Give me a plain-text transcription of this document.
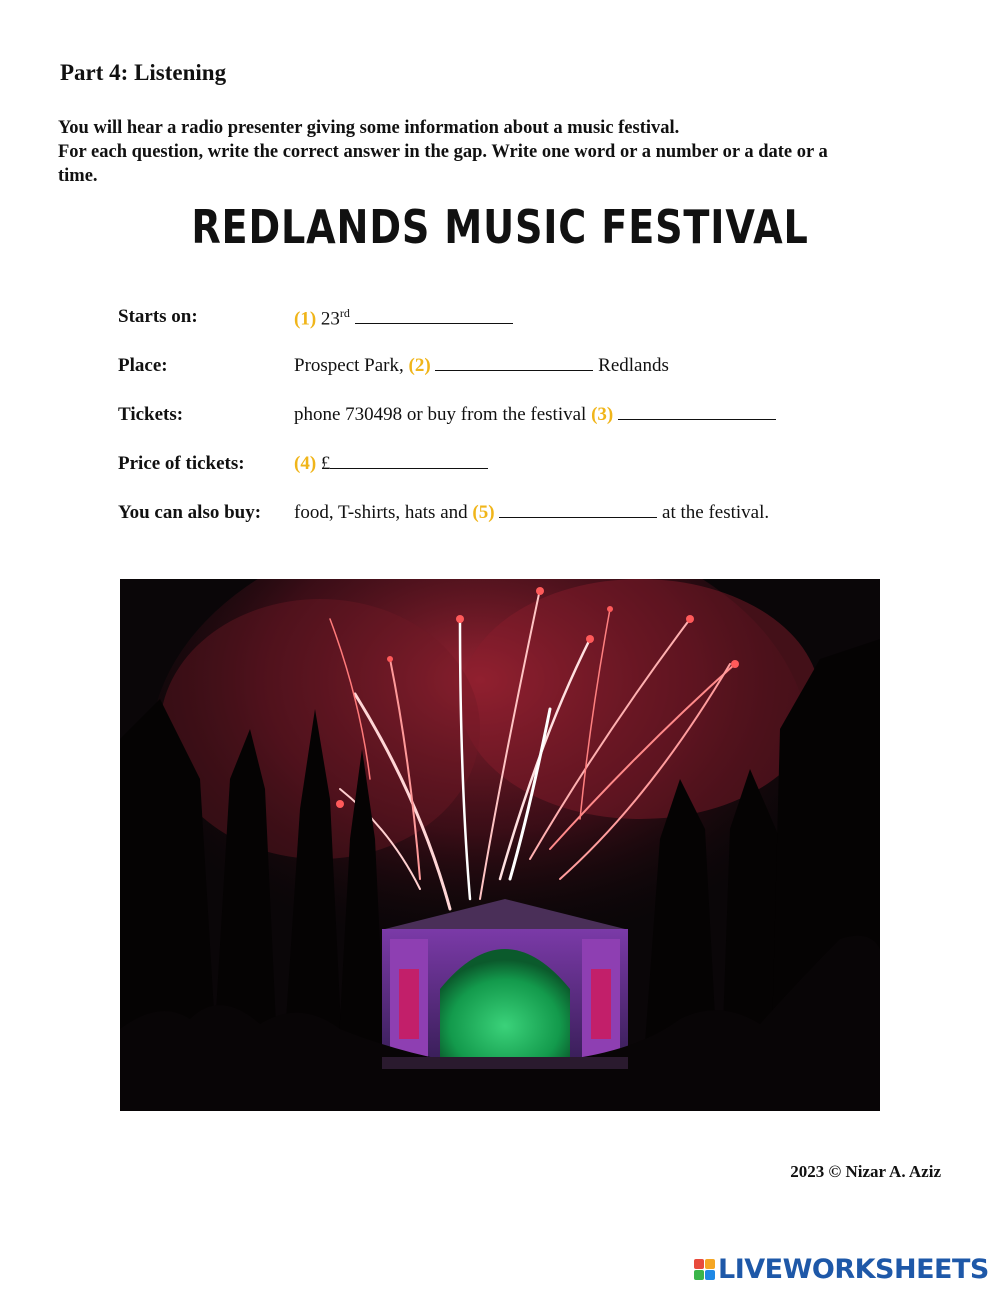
Part 4: Listening
You will hear a radio presenter giving some information about a music festival.
For each question, write the correct answer in the gap. Write one word or a number or a date or a
time.
REDLANDS MUSIC FESTIVAL
Starts on:	(1) 23rd
Place:	Prospect Park, (2)	Redlands
Tickets:	phone 730498 or buy from the festival (3)
Price of tickets:	(4) £
You can also buy: food, T-shirts, hats and (5)	at the festival.
2023 © Nizar A. Aziz
LIVEWORKSHEETS
